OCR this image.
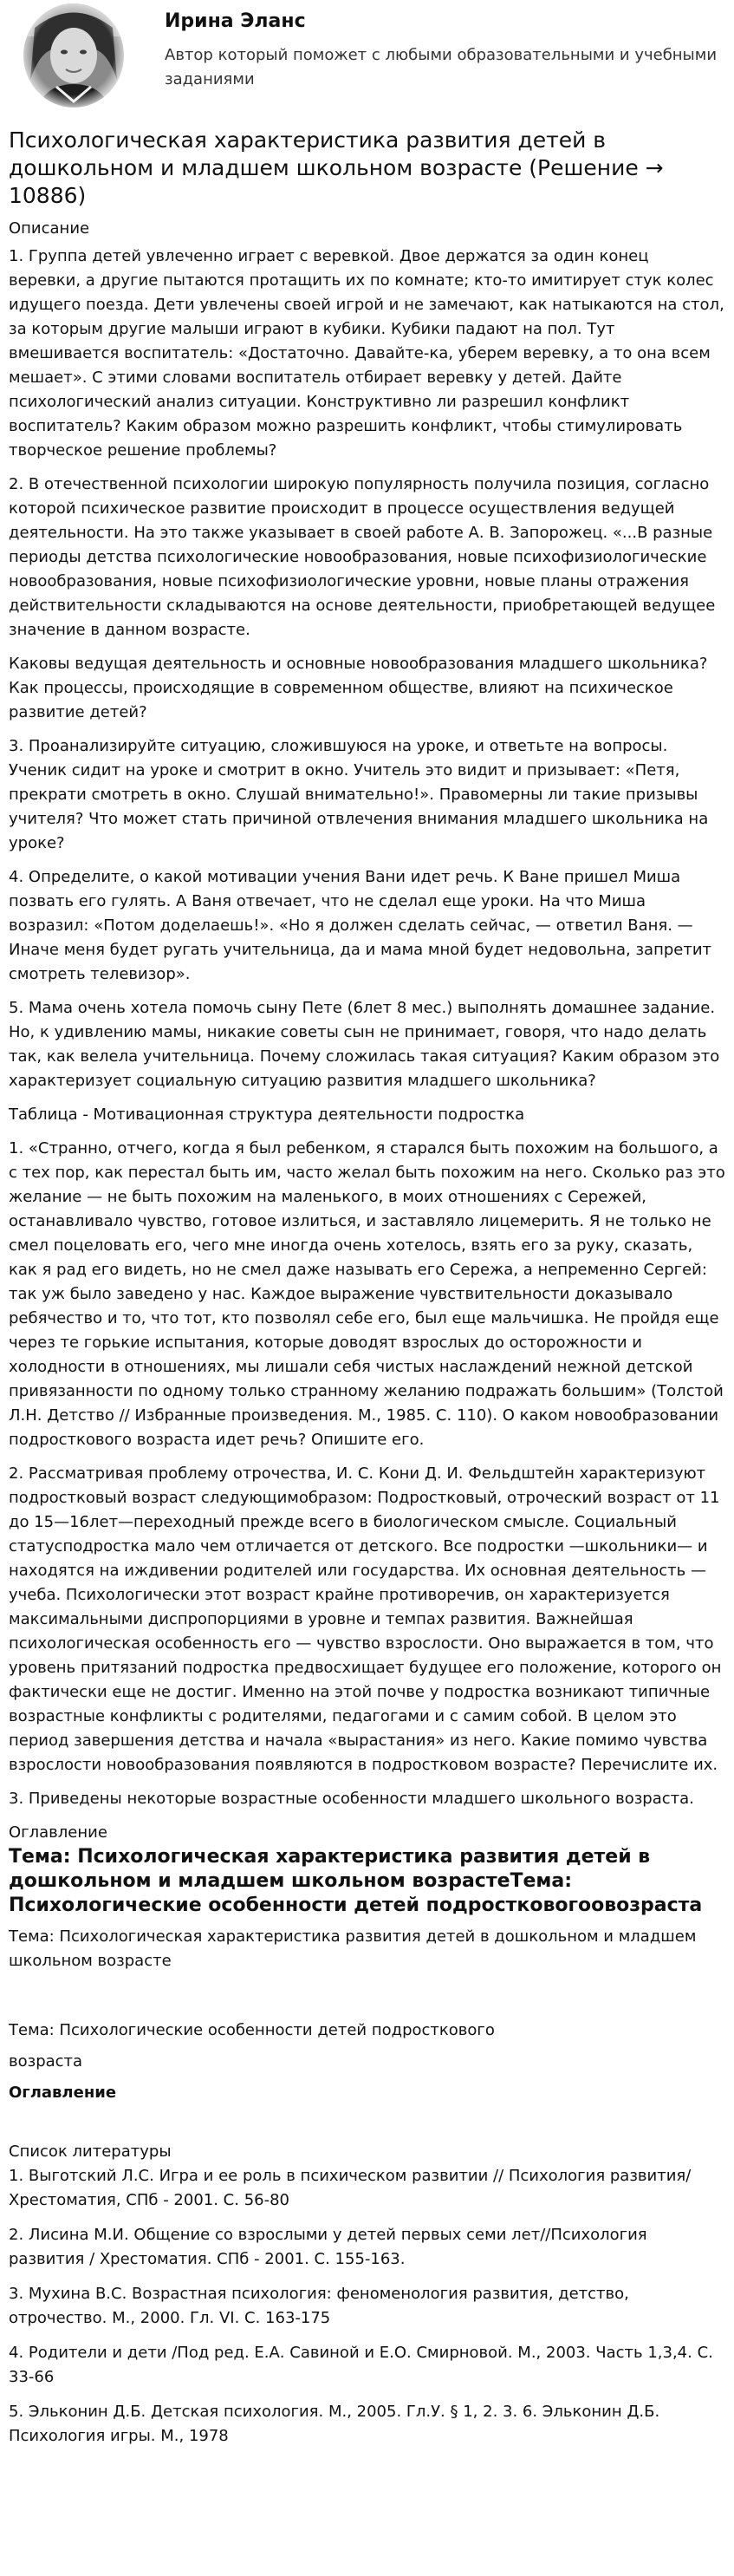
Ирина Эланс
Автор который поможет с любыми образовательными и учебными заданиями
Психологическая характеристика развития детей в дошкольном и младшем школьном возрасте (Решение → 10886)
Описание

1. Группа детей увлеченно играет с веревкой. Двое держатся за один конец веревки, а другие пытаются протащить их по комнате; кто-то имитирует стук колес идущего поезда. Дети увлечены своей игрой и не замечают, как натыкаются на стол, за которым другие малыши играют в кубики. Кубики падают на пол. Тут вмешивается воспитатель: «Достаточно. Давайте-ка, уберем веревку, а то она всем мешает». С этими словами воспитатель отбирает веревку у детей. Дайте психологический анализ ситуации. Конструктивно ли разрешил конфликт воспитатель? Каким образом можно разрешить конфликт, чтобы стимулировать творческое решение проблемы?

2. В отечественной психологии широкую популярность получила позиция, согласно которой психическое развитие происходит в процессе осуществления ведущей деятельности. На это также указывает в своей работе А. В. Запорожец. «...В разные периоды детства психологические новообразования, новые психофизиологические новообразования, новые психофизиологические уровни, новые планы отражения действительности складываются на основе деятельности, приобретающей ведущее значение в данном возрасте.

Каковы ведущая деятельность и основные новообразования младшего школьника? Как процессы, происходящие в современном обществе, влияют на психическое развитие детей?

3. Проанализируйте ситуацию, сложившуюся на уроке, и ответьте на вопросы. Ученик сидит на уроке и смотрит в окно. Учитель это видит и призывает: «Петя, прекрати смотреть в окно. Слушай внимательно!». Правомерны ли такие призывы учителя? Что может стать причиной отвлечения внимания младшего школьника на уроке?

4. Определите, о какой мотивации учения Вани идет речь. К Ване пришел Миша позвать его гулять. А Ваня отвечает, что не сделал еще уроки. На что Миша возразил: «Потом доделаешь!». «Но я должен сделать сейчас, — ответил Ваня. — Иначе меня будет ругать учительница, да и мама мной будет недовольна, запретит смотреть телевизор».

5. Мама очень хотела помочь сыну Пете (6лет 8 мес.) выполнять домашнее задание. Но, к удивлению мамы, никакие советы сын не принимает, говоря, что надо делать так, как велела учительница. Почему сложилась такая ситуация? Каким образом это характеризует социальную ситуацию развития младшего школьника?

Таблица - Мотивационная структура деятельности подростка

1. «Странно, отчего, когда я был ребенком, я старался быть похожим на большого, а с тех пор, как перестал быть им, часто желал быть похожим на него. Сколько раз это желание — не быть похожим на маленького, в моих отношениях с Сережей, останавливало чувство, готовое излиться, и заставляло лицемерить. Я не только не смел поцеловать его, чего мне иногда очень хотелось, взять его за руку, сказать, как я рад его видеть, но не смел даже называть его Сережа, а непременно Сергей: так уж было заведено у нас. Каждое выражение чувствительности доказывало ребячество и то, что тот, кто позволял себе его, был еще мальчишка. Не пройдя еще через те горькие испытания, которые доводят взрослых до осторожности и холодности в отношениях, мы лишали себя чистых наслаждений нежной детской привязанности по одному только странному желанию подражать большим» (Толстой Л.Н. Детство // Избранные произведения. М., 1985. С. 110). О каком новообразовании подросткового возраста идет речь? Опишите его.

2. Рассматривая проблему отрочества, И. С. Кони Д. И. Фельдштейн характеризуют подростковый возраст следующимобразом: Подростковый, отроческий возраст от 11 до 15—16лет—переходный прежде всего в биологическом смысле. Социальный статусподростка мало чем отличается от детского. Все подростки —школьники— и находятся на иждивении родителей или государства. Их основная деятельность — учеба. Психологически этот возраст крайне противоречив, он характеризуется максимальными диспропорциями в уровне и темпах развития. Важнейшая психологическая особенность его — чувство взрослости. Оно выражается в том, что уровень притязаний подростка предвосхищает будущее его положение, которого он фактически еще не достиг. Именно на этой почве у подростка возникают типичные возрастные конфликты с родителями, педагогами и с самим собой. В целом это период завершения детства и начала «вырастания» из него. Какие помимо чувства взрослости новообразования появляются в подростковом возрасте? Перечислите их.

3. Приведены некоторые возрастные особенности младшего школьного возраста.

Оглавление
Тема: Психологическая характеристика развития детей в дошкольном и младшем школьном возрастеТема: Психологические особенности детей подростковогоовозраста

Тема: Психологическая характеристика развития детей в дошкольном и младшем школьном возрасте

Тема: Психологические особенности детей подросткового

возраста

Оглавление
Список литературы

1. Выготский Л.С. Игра и ее роль в психическом развитии // Психология развития/ Хрестоматия, СПб - 2001. С. 56-80

2. Лисина М.И. Общение со взрослыми у детей первых семи лет//Психология развития / Хрестоматия. СПб - 2001. С. 155-163.

3. Мухина В.С. Возрастная психология: феноменология развития, детство, отрочество. М., 2000. Гл. VI. С. 163-175

4. Родители и дети /Под ред. Е.А. Савиной и Е.О. Смирновой. М., 2003. Часть 1,3,4. С. 33-66

5. Эльконин Д.Б. Детская психология. М., 2005. Гл.У. § 1, 2. 3. 6. Эльконин Д.Б. Психология игры. М., 1978
